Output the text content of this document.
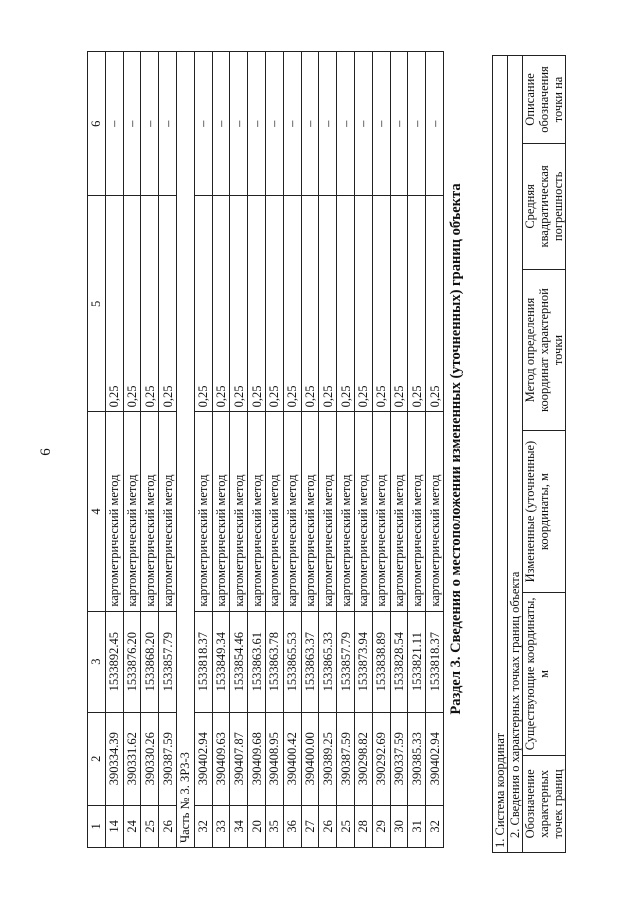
6
1	2	3	4	5	6
14	390334.39	1533892.45	картометрический метод	0,25	–
24	390331.62	1533876.20	картометрический метод	0,25	–
25	390330.26	1533868.20	картометрический метод	0,25	–
26	390387.59	1533857.79	картометрический метод	0,25	–
Часть № 3. ЗР3-3					
32	390402.94	1533818.37	картометрический метод	0,25	–
33	390409.63	1533849.34	картометрический метод	0,25	–
34	390407.87	1533854.46	картометрический метод	0,25	–
20	390409.68	1533863.61	картометрический метод	0,25	–
35	390408.95	1533863.78	картометрический метод	0,25	–
36	390400.42	1533865.53	картометрический метод	0,25	–
27	390400.00	1533863.37	картометрический метод	0,25	–
26	390389.25	1533865.33	картометрический метод	0,25	–
25	390387.59	1533857.79	картометрический метод	0,25	–
28	390298.82	1533873.94	картометрический метод	0,25	–
29	390292.69	1533838.89	картометрический метод	0,25	–
30	390337.59	1533828.54	картометрический метод	0,25	–
31	390385.33	1533821.11	картометрический метод	0,25	–
32	390402.94	1533818.37	картометрический метод	0,25	–
Раздел 3. Сведения о местоположении измененных (уточненных) границ объекта
1. Система координат
2. Сведения о характерных точках границ объекта
Обозначение характерных точек границ	Существующие координаты, м	Измененные (уточненные) координаты, м	Метод определения координат характерной точки	Средняя квадратическая погрешность	Описание обозначения точки на
